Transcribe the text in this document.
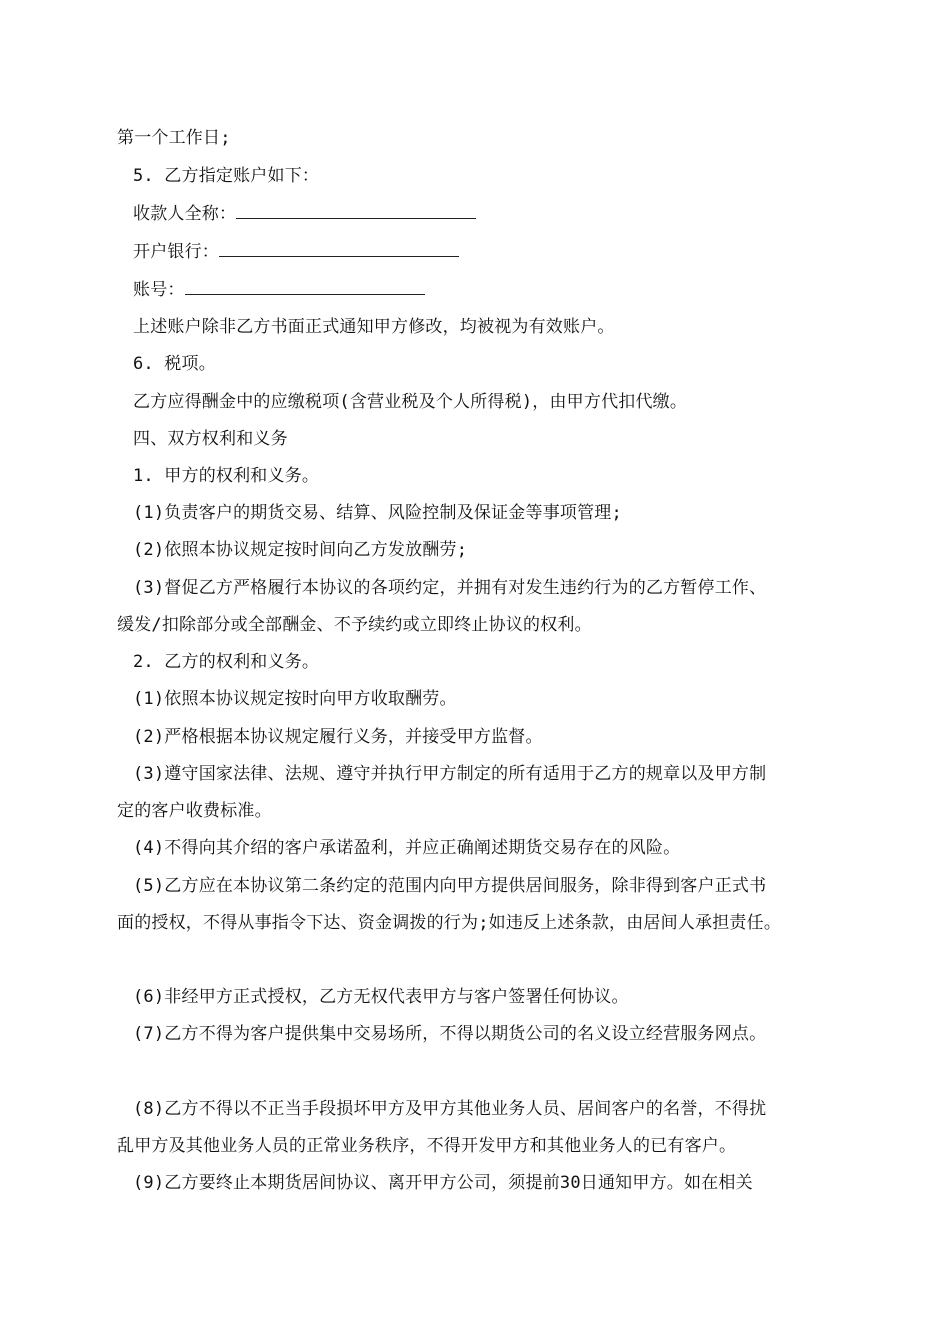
第一个工作日;

5. 乙方指定账户如下：

收款人全称：

开户银行：

账号：

上述账户除非乙方书面正式通知甲方修改，均被视为有效账户。

6. 税项。

乙方应得酬金中的应缴税项(含营业税及个人所得税)，由甲方代扣代缴。

四、双方权利和义务

1. 甲方的权利和义务。

(1)负责客户的期货交易、结算、风险控制及保证金等事项管理;

(2)依照本协议规定按时间向乙方发放酬劳;

(3)督促乙方严格履行本协议的各项约定，并拥有对发生违约行为的乙方暂停工作、

缓发/扣除部分或全部酬金、不予续约或立即终止协议的权利。

2. 乙方的权利和义务。

(1)依照本协议规定按时向甲方收取酬劳。

(2)严格根据本协议规定履行义务，并接受甲方监督。

(3)遵守国家法律、法规、遵守并执行甲方制定的所有适用于乙方的规章以及甲方制

定的客户收费标准。

(4)不得向其介绍的客户承诺盈利，并应正确阐述期货交易存在的风险。

(5)乙方应在本协议第二条约定的范围内向甲方提供居间服务，除非得到客户正式书

面的授权，不得从事指令下达、资金调拨的行为;如违反上述条款，由居间人承担责任。

(6)非经甲方正式授权，乙方无权代表甲方与客户签署任何协议。

(7)乙方不得为客户提供集中交易场所，不得以期货公司的名义设立经营服务网点。

(8)乙方不得以不正当手段损坏甲方及甲方其他业务人员、居间客户的名誉，不得扰

乱甲方及其他业务人员的正常业务秩序，不得开发甲方和其他业务人的已有客户。

(9)乙方要终止本期货居间协议、离开甲方公司，须提前30日通知甲方。如在相关
